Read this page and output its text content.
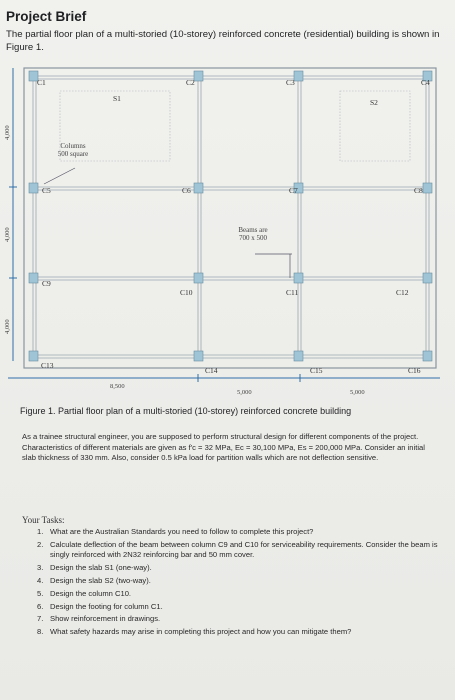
Project Brief
The partial floor plan of a multi-storied (10-storey) reinforced concrete (residential) building is shown in Figure 1.
C1	C2	C3	C4
C5	C6	C7	C8
C9
C10	C11	C12
C13
C14	C15	C16
S1	S2
Columns
500 square
Beams are
700 x 500
4,000
4,000
4,000
8,500
5,000	5,000
Figure 1. Partial floor plan of a multi-storied (10-storey) reinforced concrete building
As a trainee structural engineer, you are supposed to perform structural design for different components of the project. Characteristics of different materials are given as f'c = 32 MPa, Ec = 30,100 MPa, Es = 200,000 MPa. Consider an initial slab thickness of 330 mm. Also, consider 0.5 kPa load for partition walls which are not deflection sensitive.
Your Tasks:
1. What are the Australian Standards you need to follow to complete this project?
2. Calculate deflection of the beam between column C9 and C10 for serviceability requirements. Consider the beam is singly reinforced with 2N32 reinforcing bar and 50 mm cover.
3. Design the slab S1 (one-way).
4. Design the slab S2 (two-way).
5. Design the column C10.
6. Design the footing for column C1.
7. Show reinforcement in drawings.
8. What safety hazards may arise in completing this project and how you can mitigate them?
